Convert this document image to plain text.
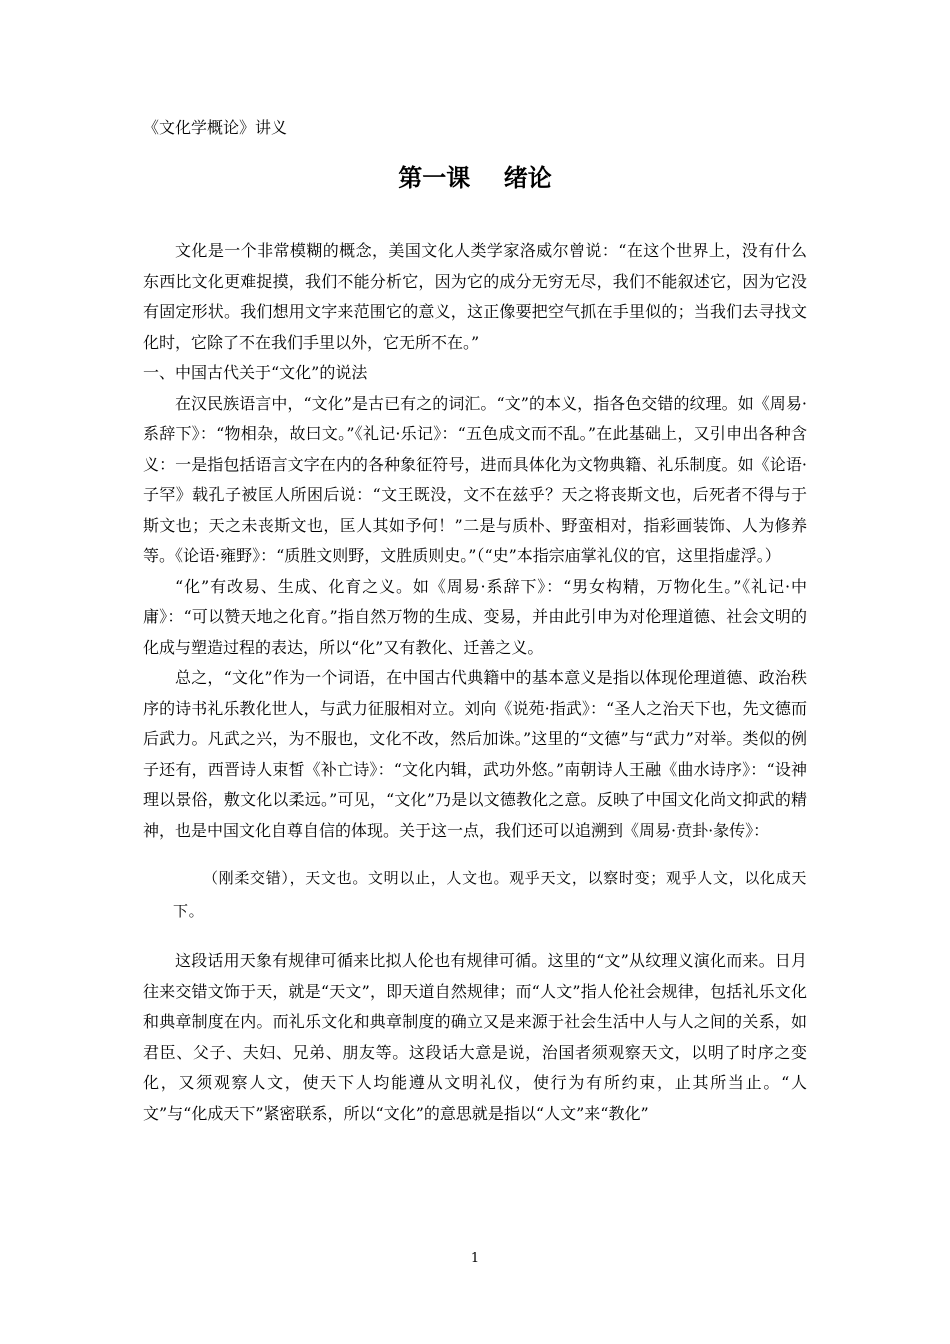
《文化学概论》讲义
第一课    绪论

文化是一个非常模糊的概念，美国文化人类学家洛威尔曾说：“在这个世界上，没有什么东西比文化更难捉摸，我们不能分析它，因为它的成分无穷无尽，我们不能叙述它，因为它没有固定形状。我们想用文字来范围它的意义，这正像要把空气抓在手里似的；当我们去寻找文化时，它除了不在我们手里以外，它无所不在。”

一、中国古代关于“文化”的说法

在汉民族语言中，“文化”是古已有之的词汇。“文”的本义，指各色交错的纹理。如《周易·系辞下》：“物相杂，故曰文。”《礼记·乐记》：“五色成文而不乱。”在此基础上，又引申出各种含义：一是指包括语言文字在内的各种象征符号，进而具体化为文物典籍、礼乐制度。如《论语·子罕》载孔子被匡人所困后说：“文王既没，文不在兹乎？天之将丧斯文也，后死者不得与于斯文也；天之未丧斯文也，匡人其如予何！”二是与质朴、野蛮相对，指彩画装饰、人为修养等。《论语·雍野》：“质胜文则野，文胜质则史。”（“史”本指宗庙掌礼仪的官，这里指虚浮。）

“化”有改易、生成、化育之义。如《周易·系辞下》：“男女构精，万物化生。”《礼记·中庸》：“可以赞天地之化育。”指自然万物的生成、变易，并由此引申为对伦理道德、社会文明的化成与塑造过程的表达，所以“化”又有教化、迁善之义。

总之，“文化”作为一个词语，在中国古代典籍中的基本意义是指以体现伦理道德、政治秩序的诗书礼乐教化世人，与武力征服相对立。刘向《说苑·指武》：“圣人之治天下也，先文德而后武力。凡武之兴，为不服也，文化不改，然后加诛。”这里的“文德”与“武力”对举。类似的例子还有，西晋诗人束皙《补亡诗》：“文化内辑，武功外悠。”南朝诗人王融《曲水诗序》：“设神理以景俗，敷文化以柔远。”可见，“文化”乃是以文德教化之意。反映了中国文化尚文抑武的精神，也是中国文化自尊自信的体现。关于这一点，我们还可以追溯到《周易·贲卦·彖传》：

（刚柔交错），天文也。文明以止，人文也。观乎天文，以察时变；观乎人文，以化成天下。

这段话用天象有规律可循来比拟人伦也有规律可循。这里的“文”从纹理义演化而来。日月往来交错文饰于天，就是“天文”，即天道自然规律；而“人文”指人伦社会规律，包括礼乐文化和典章制度在内。而礼乐文化和典章制度的确立又是来源于社会生活中人与人之间的关系，如君臣、父子、夫妇、兄弟、朋友等。这段话大意是说，治国者须观察天文，以明了时序之变化，又须观察人文，使天下人均能遵从文明礼仪，使行为有所约束，止其所当止。“人文”与“化成天下”紧密联系，所以“文化”的意思就是指以“人文”来“教化”

1
